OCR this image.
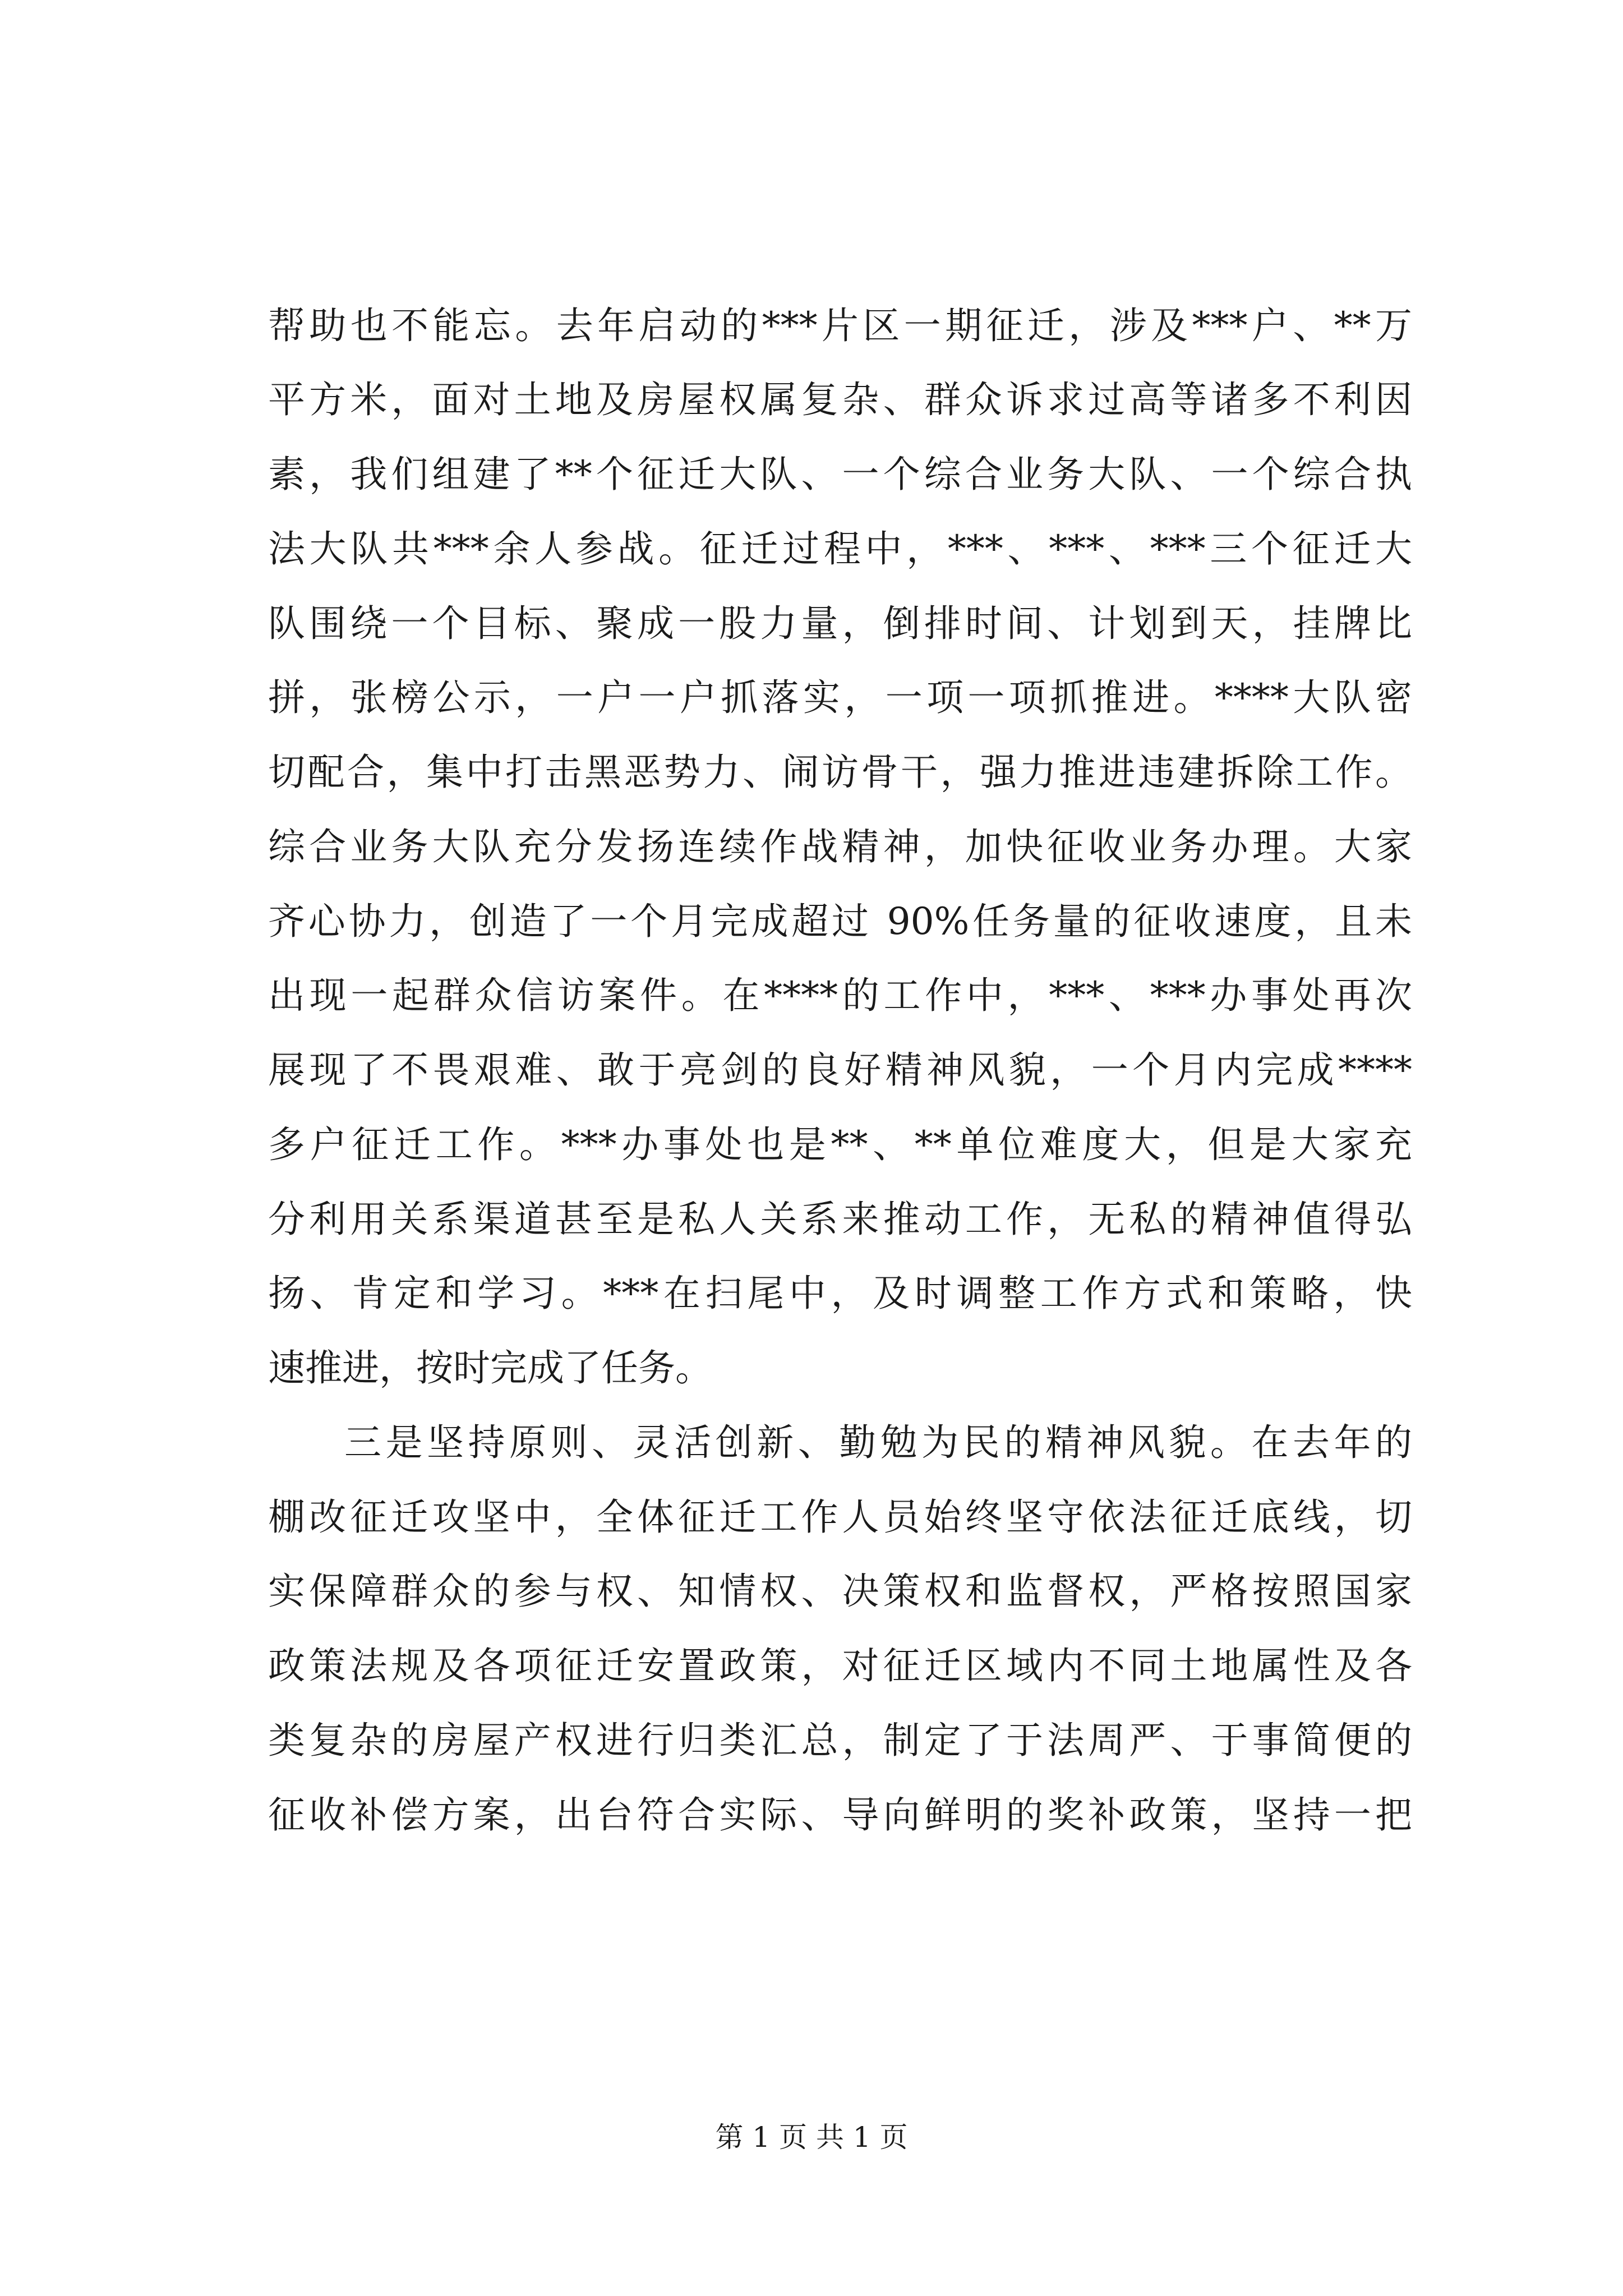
帮助也不能忘。去年启动的***片区一期征迁，涉及***户、**万
平方米，面对土地及房屋权属复杂、群众诉求过高等诸多不利因
素，我们组建了**个征迁大队、一个综合业务大队、一个综合执
法大队共***余人参战。征迁过程中，***、***、***三个征迁大
队围绕一个目标、聚成一股力量，倒排时间、计划到天，挂牌比
拼，张榜公示，一户一户抓落实，一项一项抓推进。****大队密
切配合，集中打击黑恶势力、闹访骨干，强力推进违建拆除工作。
综合业务大队充分发扬连续作战精神，加快征收业务办理。大家
齐心协力，创造了一个月完成超过 90%任务量的征收速度，且未
出现一起群众信访案件。在****的工作中，***、***办事处再次
展现了不畏艰难、敢于亮剑的良好精神风貌，一个月内完成****
多户征迁工作。***办事处也是**、**单位难度大，但是大家充
分利用关系渠道甚至是私人关系来推动工作，无私的精神值得弘
扬、肯定和学习。***在扫尾中，及时调整工作方式和策略，快
速推进，按时完成了任务。
三是坚持原则、灵活创新、勤勉为民的精神风貌。在去年的
棚改征迁攻坚中，全体征迁工作人员始终坚守依法征迁底线，切
实保障群众的参与权、知情权、决策权和监督权，严格按照国家
政策法规及各项征迁安置政策，对征迁区域内不同土地属性及各
类复杂的房屋产权进行归类汇总，制定了于法周严、于事简便的
征收补偿方案，出台符合实际、导向鲜明的奖补政策，坚持一把
第 1 页 共 1 页
